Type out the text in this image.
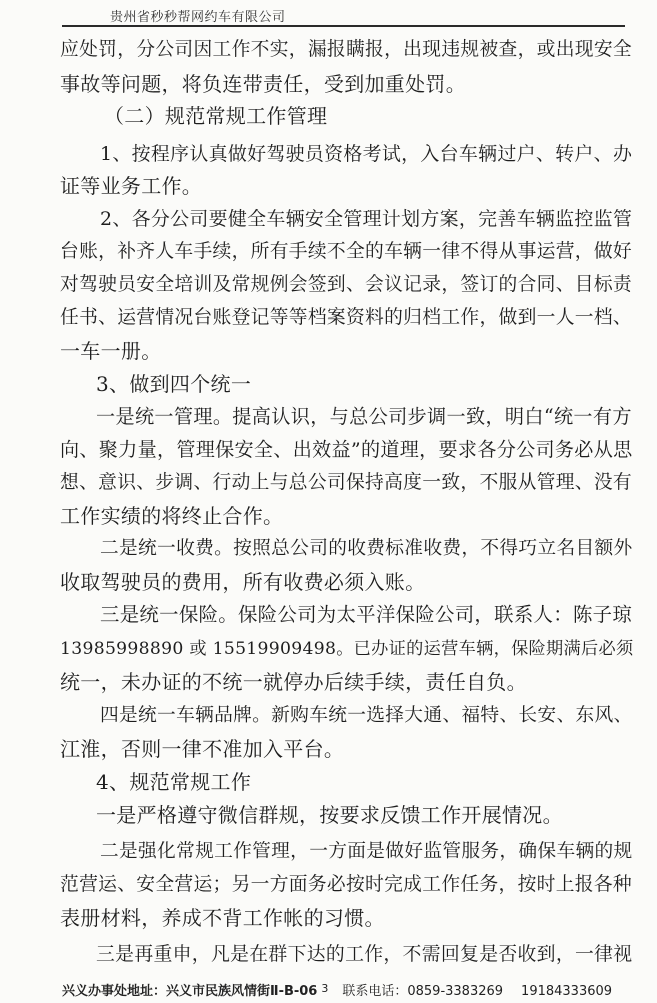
贵州省秒秒帮网约车有限公司
应处罚，分公司因工作不实，漏报瞒报，出现违规被查，或出现安全
事故等问题，将负连带责任，受到加重处罚。
（二）规范常规工作管理
1、按程序认真做好驾驶员资格考试，入台车辆过户、转户、办
证等业务工作。
2、各分公司要健全车辆安全管理计划方案，完善车辆监控监管
台账，补齐人车手续，所有手续不全的车辆一律不得从事运营，做好
对驾驶员安全培训及常规例会签到、会议记录，签订的合同、目标责
任书、运营情况台账登记等等档案资料的归档工作，做到一人一档、
一车一册。
3、做到四个统一
一是统一管理。提高认识，与总公司步调一致，明白“统一有方
向、聚力量，管理保安全、出效益”的道理，要求各分公司务必从思
想、意识、步调、行动上与总公司保持高度一致，不服从管理、没有
工作实绩的将终止合作。
二是统一收费。按照总公司的收费标准收费，不得巧立名目额外
收取驾驶员的费用，所有收费必须入账。
三是统一保险。保险公司为太平洋保险公司，联系人：陈子琼
13985998890 或 15519909498。已办证的运营车辆，保险期满后必须
统一，未办证的不统一就停办后续手续，责任自负。
四是统一车辆品牌。新购车统一选择大通、福特、长安、东风、
江淮，否则一律不准加入平台。
4、规范常规工作
一是严格遵守微信群规，按要求反馈工作开展情况。
二是强化常规工作管理，一方面是做好监管服务，确保车辆的规
范营运、安全营运；另一方面务必按时完成工作任务，按时上报各种
表册材料，养成不背工作帐的习惯。
三是再重申，凡是在群下达的工作，不需回复是否收到，一律视
兴义办事处地址：兴义市民族风情街Ⅱ-B-06 $^3$ 联系电话：0859-3383269 19184333609
